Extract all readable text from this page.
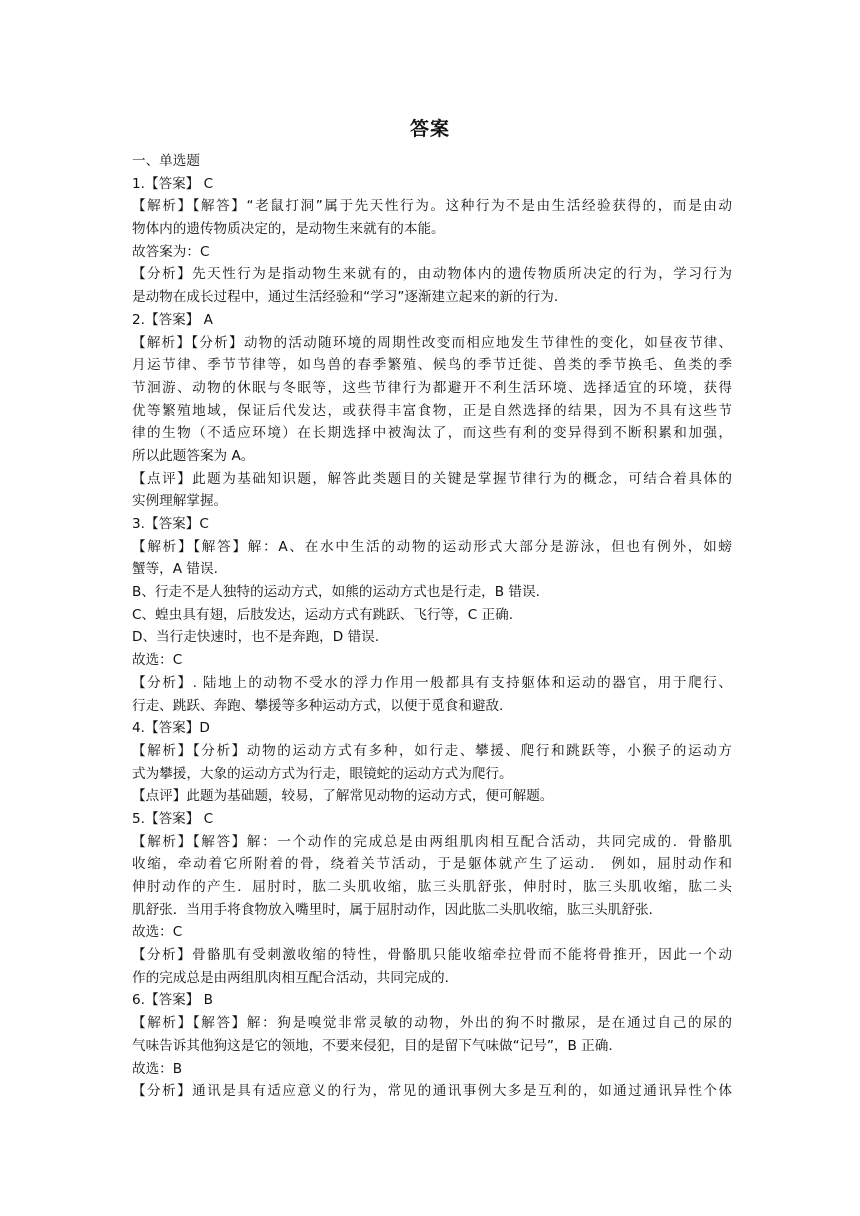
答案
一、单选题
1.【答案】 C
【解析】【解答】“老鼠打洞”属于先天性行为。这种行为不是由生活经验获得的，而是由动
物体内的遗传物质决定的，是动物生来就有的本能。
故答案为：C
【分析】先天性行为是指动物生来就有的，由动物体内的遗传物质所决定的行为，学习行为
是动物在成长过程中，通过生活经验和“学习”逐渐建立起来的新的行为.
2.【答案】 A
【解析】【分析】动物的活动随环境的周期性改变而相应地发生节律性的变化，如昼夜节律、
月运节律、季节节律等，如鸟兽的春季繁殖、候鸟的季节迁徙、兽类的季节换毛、鱼类的季
节洄游、动物的休眠与冬眠等，这些节律行为都避开不利生活环境、选择适宜的环境，获得
优等繁殖地域，保证后代发达，或获得丰富食物，正是自然选择的结果，因为不具有这些节
律的生物（不适应环境）在长期选择中被淘汰了，而这些有利的变异得到不断积累和加强，
所以此题答案为 A。
【点评】此题为基础知识题，解答此类题目的关键是掌握节律行为的概念，可结合着具体的
实例理解掌握。
3.【答案】C
【解析】【解答】解：A、在水中生活的动物的运动形式大部分是游泳，但也有例外，如螃
蟹等，A 错误.
B、行走不是人独特的运动方式，如熊的运动方式也是行走，B 错误.
C、蝗虫具有翅，后肢发达，运动方式有跳跃、飞行等，C 正确.
D、当行走快速时，也不是奔跑，D 错误.
故选：C
【分析】. 陆地上的动物不受水的浮力作用一般都具有支持躯体和运动的器官，用于爬行、
行走、跳跃、奔跑、攀援等多种运动方式，以便于觅食和避敌.
4.【答案】D
【解析】【分析】动物的运动方式有多种，如行走、攀援、爬行和跳跃等，小猴子的运动方
式为攀援，大象的运动方式为行走，眼镜蛇的运动方式为爬行。
【点评】此题为基础题，较易，了解常见动物的运动方式，便可解题。
5.【答案】 C
【解析】【解答】解：一个动作的完成总是由两组肌肉相互配合活动，共同完成的．骨骼肌
收缩，牵动着它所附着的骨，绕着关节活动，于是躯体就产生了运动． 例如，屈肘动作和
伸肘动作的产生．屈肘时，肱二头肌收缩，肱三头肌舒张，伸肘时，肱三头肌收缩，肱二头
肌舒张．当用手将食物放入嘴里时，属于屈肘动作，因此肱二头肌收缩，肱三头肌舒张.
故选：C
【分析】骨骼肌有受刺激收缩的特性，骨骼肌只能收缩牵拉骨而不能将骨推开，因此一个动
作的完成总是由两组肌肉相互配合活动，共同完成的.
6.【答案】 B
【解析】【解答】解：狗是嗅觉非常灵敏的动物，外出的狗不时撒尿，是在通过自己的尿的
气味告诉其他狗这是它的领地，不要来侵犯，目的是留下气味做“记号”，B 正确.
故选：B
【分析】通讯是具有适应意义的行为，常见的通讯事例大多是互利的，如通过通讯异性个体
